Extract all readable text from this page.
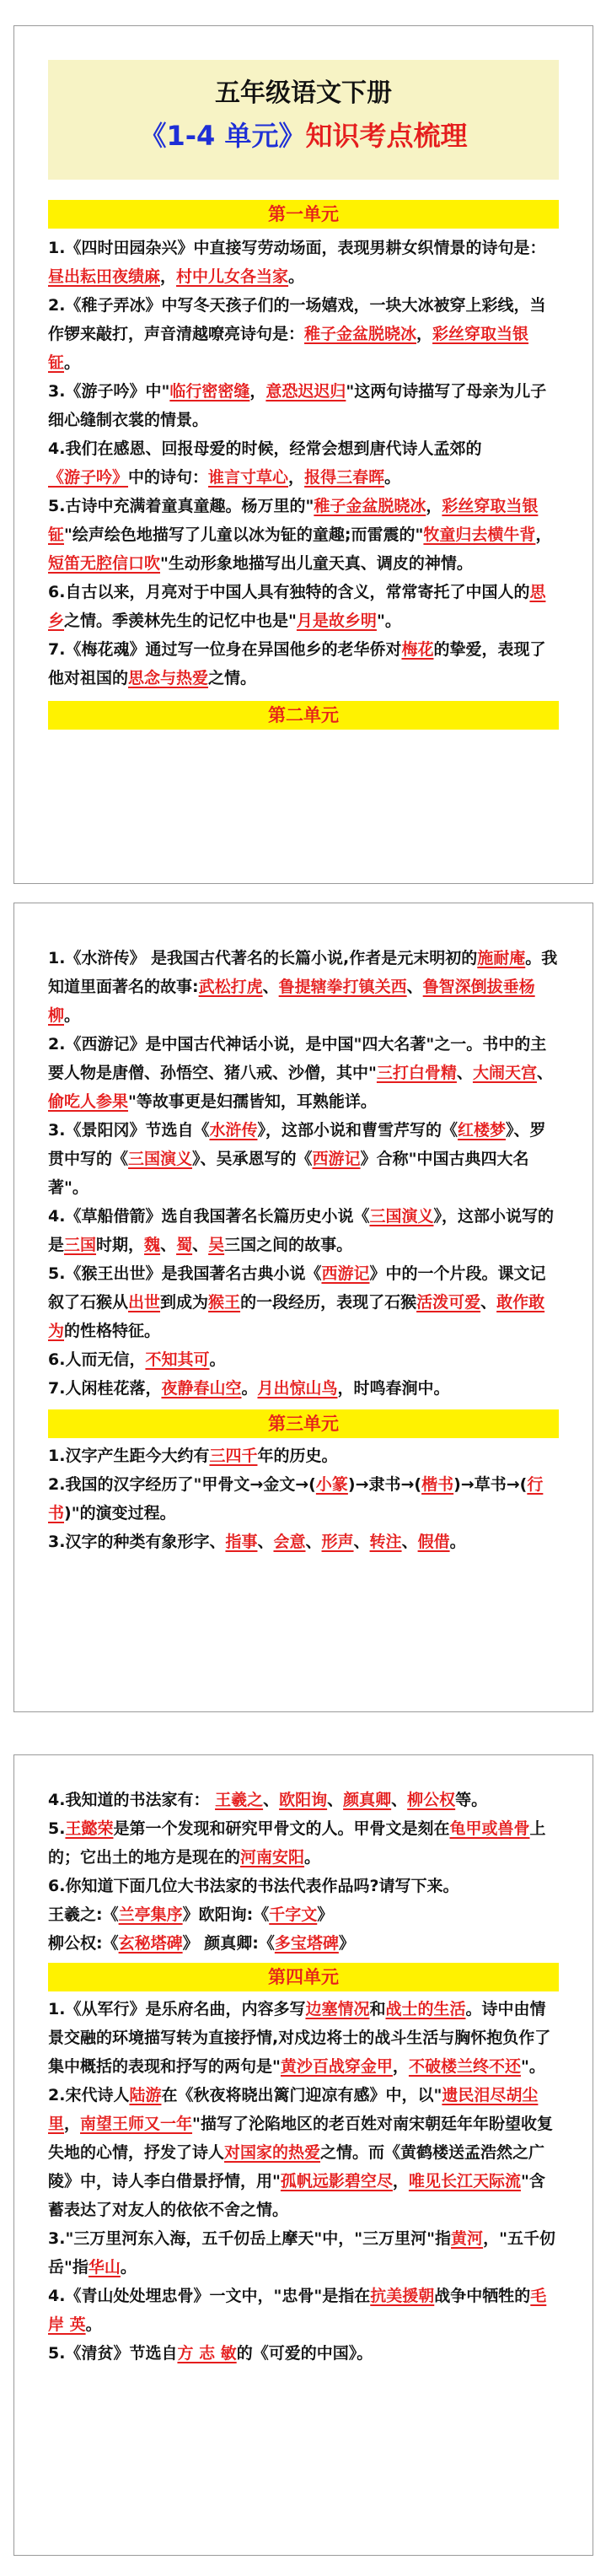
五年级语文下册
《1-4 单元》知识考点梳理
第一单元

1.《四时田园杂兴》中直接写劳动场面，表现男耕女织情景的诗句是：昼出耘田夜绩麻，村中儿女各当家。

2.《稚子弄冰》中写冬天孩子们的一场嬉戏，一块大冰被穿上彩线，当作锣来敲打，声音清越嘹亮诗句是：稚子金盆脱晓冰，彩丝穿取当银钲。

3.《游子吟》中"临行密密缝，意恐迟迟归"这两句诗描写了母亲为儿子细心缝制衣裳的情景。

4.我们在感恩、回报母爱的时候，经常会想到唐代诗人孟郊的《游子吟》中的诗句：谁言寸草心，报得三春晖。

5.古诗中充满着童真童趣。杨万里的"稚子金盆脱晓冰，彩丝穿取当银钲"绘声绘色地描写了儿童以冰为钲的童趣;而雷震的"牧童归去横牛背，短笛无腔信口吹"生动形象地描写出儿童天真、调皮的神情。

6.自古以来，月亮对于中国人具有独特的含义，常常寄托了中国人的思乡之情。季羡林先生的记忆中也是"月是故乡明"。

7.《梅花魂》通过写一位身在异国他乡的老华侨对梅花的挚爱，表现了他对祖国的思念与热爱之情。

第二单元

1.《水浒传》 是我国古代著名的长篇小说,作者是元末明初的施耐庵。我知道里面著名的故事:武松打虎、鲁提辖拳打镇关西、鲁智深倒拔垂杨柳。

2.《西游记》是中国古代神话小说，是中国"四大名著"之一。书中的主要人物是唐僧、孙悟空、猪八戒、沙僧，其中"三打白骨精、大闹天宫、偷吃人参果"等故事更是妇孺皆知，耳熟能详。

3.《景阳冈》节选自《水浒传》，这部小说和曹雪芹写的《红楼梦》、罗贯中写的《三国演义》、吴承恩写的《西游记》合称"中国古典四大名著"。

4.《草船借箭》选自我国著名长篇历史小说《三国演义》，这部小说写的是三国时期，魏、蜀、吴三国之间的故事。

5.《猴王出世》是我国著名古典小说《西游记》中的一个片段。课文记叙了石猴从出世到成为猴王的一段经历，表现了石猴活泼可爱、敢作敢为的性格特征。

6.人而无信，不知其可。

7.人闲桂花落，夜静春山空。月出惊山鸟，时鸣春涧中。

第三单元

1.汉字产生距今大约有三四千年的历史。

2.我国的汉字经历了"甲骨文→金文→(小篆)→隶书→(楷书)→草书→(行书)"的演变过程。

3.汉字的种类有象形字、指事、会意、形声、转注、假借。

4.我知道的书法家有： 王羲之、欧阳询、颜真卿、柳公权等。

5.王懿荣是第一个发现和研究甲骨文的人。甲骨文是刻在龟甲或兽骨上的；它出土的地方是现在的河南安阳。

6.你知道下面几位大书法家的书法代表作品吗?请写下来。

王羲之:《兰亭集序》欧阳询:《千字文》

柳公权:《玄秘塔碑》 颜真卿:《多宝塔碑》

第四单元

1.《从军行》是乐府名曲，内容多写边塞情况和战士的生活。诗中由情景交融的环境描写转为直接抒情,对戍边将士的战斗生活与胸怀抱负作了集中概括的表现和抒写的两句是"黄沙百战穿金甲，不破楼兰终不还"。

2.宋代诗人陆游在《秋夜将晓出篱门迎凉有感》中，以"遗民泪尽胡尘里，南望王师又一年"描写了沦陷地区的老百姓对南宋朝廷年年盼望收复失地的心情，抒发了诗人对国家的热爱之情。而《黄鹤楼送孟浩然之广陵》中，诗人李白借景抒情，用"孤帆远影碧空尽，唯见长江天际流"含蓄表达了对友人的依依不舍之情。

3."三万里河东入海，五千仞岳上摩天"中，"三万里河"指黄河，"五千仞岳"指华山。

4.《青山处处埋忠骨》一文中，"忠骨"是指在抗美援朝战争中牺牲的毛 岸 英。

5.《清贫》节选自方 志 敏的《可爱的中国》。
